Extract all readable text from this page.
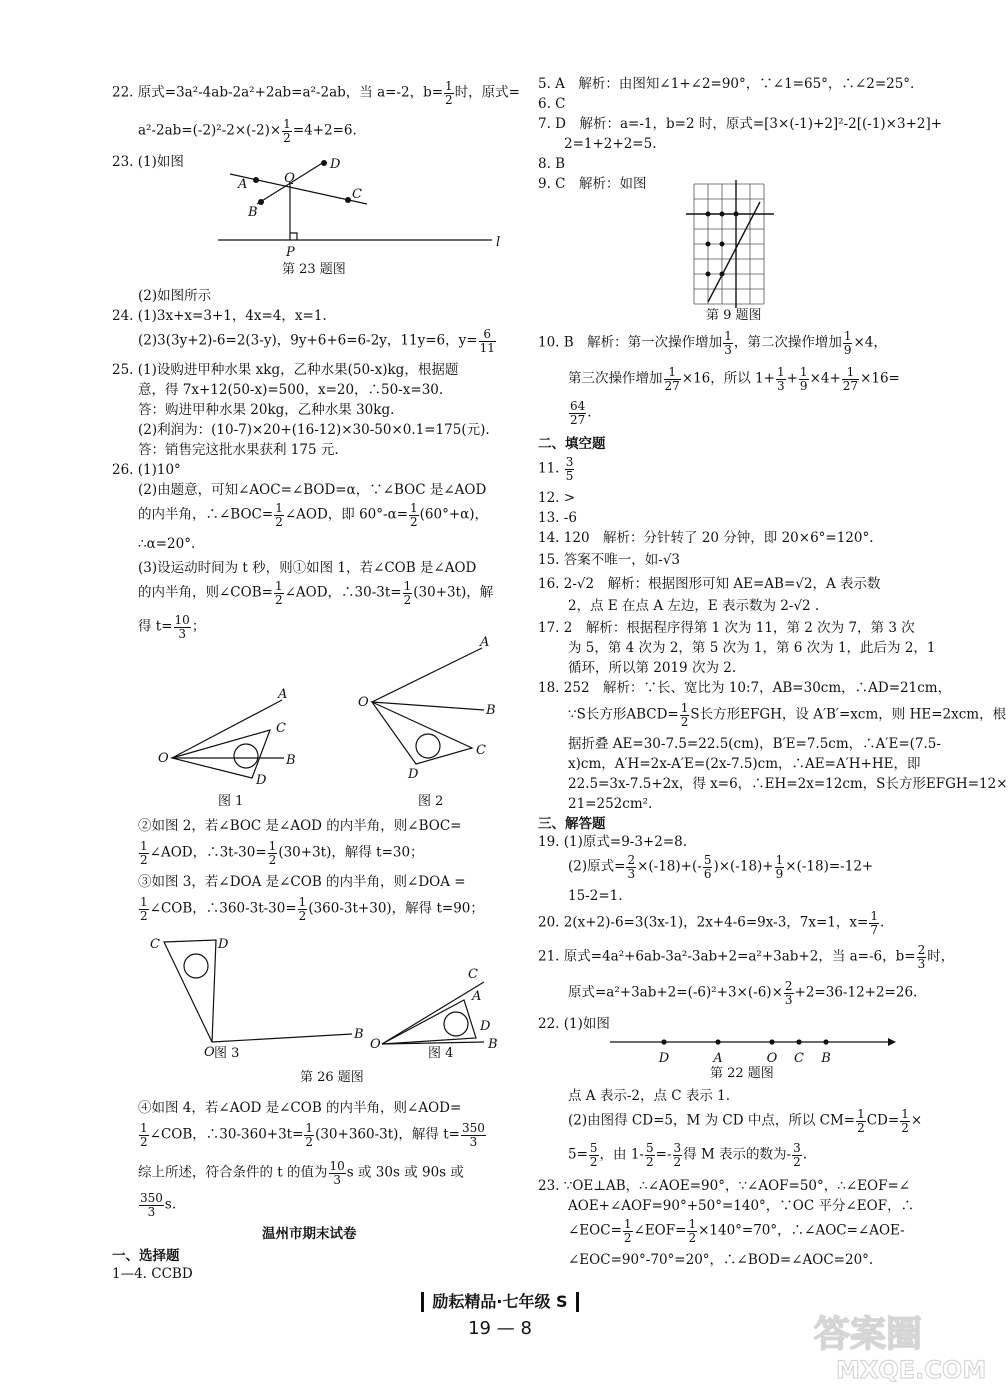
22. 原式=3a²-4ab-2a²+2ab=a²-2ab，当 a=-2，$b= \frac{1}{2}$ 时，原式=
$a^2-2ab=(-2)^2-2\times(-2)\times \frac{1}{2} =4+2=6$.
23. (1)如图
A
B
Q
D
C
P
l
第 23 题图
(2)如图所示
24. (1)3x+x=3+1，4x=4，x=1.
(2)3(3y+2)-6=2(3-y)，9y+6+6=6-2y，11y=6，$y= \frac{6}{11}$
25. (1)设购进甲种水果 xkg，乙种水果(50-x)kg，根据题
意，得 7x+12(50-x)=500，x=20，∴50-x=30.
答：购进甲种水果 20kg，乙种水果 30kg.
(2)利润为：(10-7)×20+(16-12)×30-50×0.1=175(元).
答：销售完这批水果获利 175 元.
26. (1)10°
(2)由题意，可知∠AOC=∠BOD=α，∵∠BOC 是∠AOD
的内半角，∴∠BOC= $\frac{1}{2}$ ∠AOD，即 $60^\circ-\alpha= \frac{1}{2} (60^\circ+\alpha)$，
∴α=20°.
(3)设运动时间为 t 秒，则①如图 1，若∠COB 是∠AOD
的内半角，则∠COB= $\frac{1}{2}$ ∠AOD，∴30-3t= $\frac{1}{2} (30+3t)$，解
得 $t= \frac{10}{3}$ ；
O
A
C
B
D
O
A
B
C
D
图 1	图 2
②如图 2，若∠BOC 是∠AOD 的内半角，则∠BOC=
$\frac{1}{2}$ ∠AOD，∴3t-30= $\frac{1}{2} (30+3t)$，解得 t=30；
③如图 3，若∠DOA 是∠COB 的内半角，则∠DOA =
$\frac{1}{2}$ ∠COB，∴360-3t-30= $\frac{1}{2} (360-3t+30)$，解得 t=90；
C	D
O
B
O
C
A
D
B
图 3	图 4
第 26 题图
④如图 4，若∠AOD 是∠COB 的内半角，则∠AOD=
$\frac{1}{2}$ ∠COB，∴30-360+3t= $\frac{1}{2} (30+360-3t)$，解得 $t= \frac{350}{3}$
综上所述，符合条件的 t 的值为 $\frac{10}{3}$ s 或 30s 或 90s 或
$\frac{350}{3} s$.
温州市期末试卷
一、选择题
1—4. CCBD
5. A　解析：由图知∠1+∠2=90°，∵∠1=65°，∴∠2=25°.
6. C
7. D　解析：a=-1，b=2 时，原式=[3×(-1)+2]²-2[(-1)×3+2]+
2=1+2+2=5.
8. B
9. C　解析：如图
第 9 题图
10. B　解析：第一次操作增加 $\frac{1}{3}$ ，第二次操作增加 $\frac{1}{9} \times 4$，
第三次操作增加 $\frac{1}{27} \times 16$，所以 $1+ \frac{1}{3} + \frac{1}{9} \times 4+ \frac{1}{27} \times 16=$
$\frac{64}{27}$ .
二、填空题
11. $\frac{3}{5}$
12. >
13. -6
14. 120　解析：分针转了 20 分钟，即 20×6°=120°.
15. 答案不唯一，如-√3
16. 2-√2　解析：根据图形可知 AE=AB=√2，A 表示数
2，点 E 在点 A 左边，E 表示数为 2-√2 .
17. 2　解析：根据程序得第 1 次为 11，第 2 次为 7，第 3 次
为 5，第 4 次为 2，第 5 次为 1，第 6 次为 1，此后为 2，1
循环，所以第 2019 次为 2.
18. 252　解析：∵长、宽比为 10:7，AB=30cm，∴AD=21cm，
∵S长方形ABCD= $\frac{1}{2}$ S长方形EFGH，设 A′B′=xcm，则 HE=2xcm，根
据折叠 AE=30-7.5=22.5(cm)，B′E=7.5cm，∴A′E=(7.5-
x)cm，A′H=2x-A′E=(2x-7.5)cm，∴AE=A′H+HE，即
22.5=3x-7.5+2x，得 x=6，∴EH=2x=12cm，S长方形EFGH=12×
21=252cm².
三、解答题
19. (1)原式=9-3+2=8.
(2)原式= $\frac{2}{3} \times(-18)+(- \frac{5}{6} )\times(-18)+ \frac{1}{9} \times(-18)=-12+$
15-2=1.
20. 2(x+2)-6=3(3x-1)，2x+4-6=9x-3，7x=1，$x= \frac{1}{7}$ .
21. 原式=4a²+6ab-3a²-3ab+2=a²+3ab+2，当 a=-6，$b= \frac{2}{3}$ 时，
原式$=a^2+3ab+2=(-6)^2+3\times(-6)\times \frac{2}{3} +2=36-12+2=26$.
22. (1)如图
D	A	O C B
第 22 题图
点 A 表示-2，点 C 表示 1.
(2)由图得 CD=5，M 为 CD 中点，所以 $CM= \frac{1}{2} CD= \frac{1}{2}$ ×
$5= \frac{5}{2}$ ，由 $1- \frac{5}{2} =- \frac{3}{2}$ 得 M 表示的数为- $\frac{3}{2}$ .
23. ∵OE⊥AB，∴∠AOE=90°，∵∠AOF=50°，∴∠EOF=∠
AOE+∠AOF=90°+50°=140°，∵OC 平分∠EOF，∴
∠EOC= $\frac{1}{2}$ ∠EOF= $\frac{1}{2} \times 140^\circ=70^\circ$，∴∠AOC=∠AOE-
∠EOC=90°-70°=20°，∴∠BOD=∠AOC=20°.
励耘精品·七年级 S
19 — 8	答案圈
MXQE.COM
